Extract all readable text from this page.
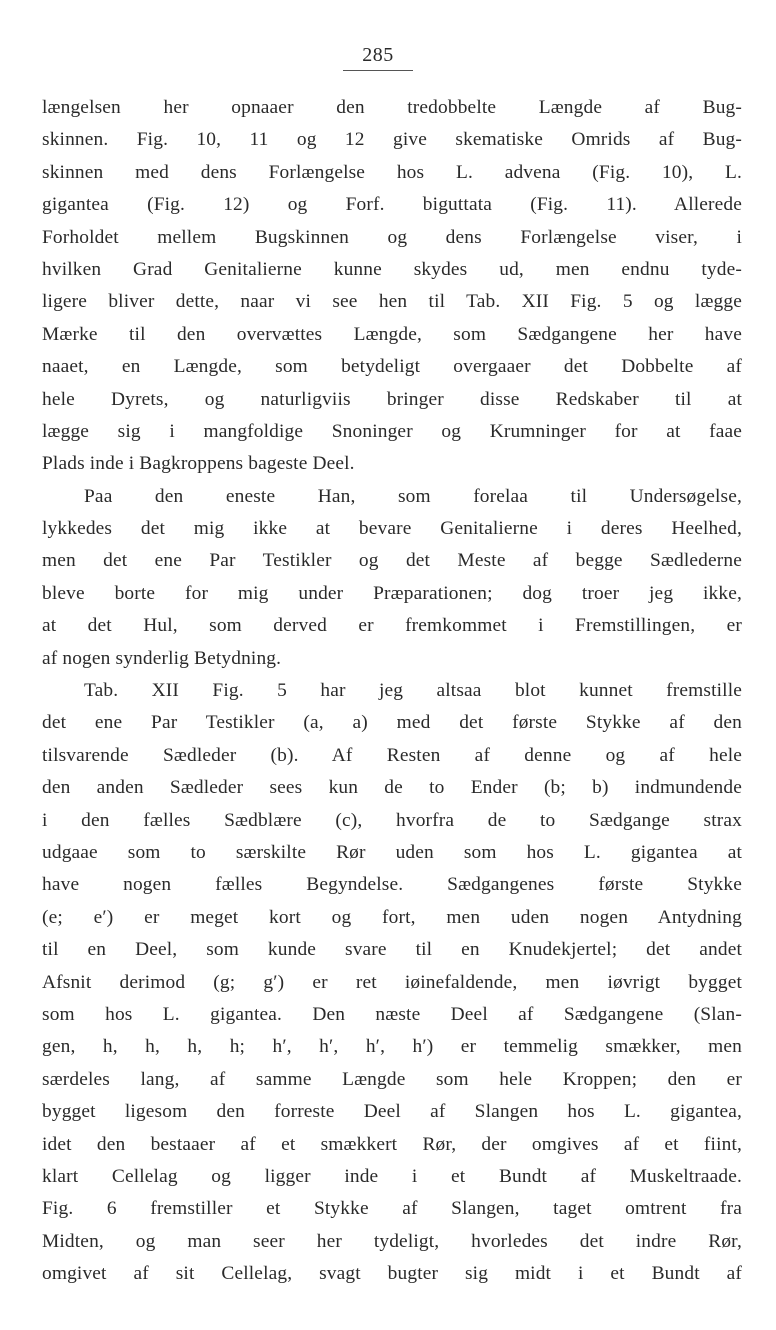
285
længelsen her opnaaer den tredobbelte Længde af Bug-
skinnen. Fig. 10, 11 og 12 give skematiske Omrids af Bug-
skinnen med dens Forlængelse hos L. advena (Fig. 10), L.
gigantea (Fig. 12) og Forf. biguttata (Fig. 11). Allerede
Forholdet mellem Bugskinnen og dens Forlængelse viser, i
hvilken Grad Genitalierne kunne skydes ud, men endnu tyde-
ligere bliver dette, naar vi see hen til Tab. XII Fig. 5 og lægge
Mærke til den overvættes Længde, som Sædgangene her have
naaet, en Længde, som betydeligt overgaaer det Dobbelte af
hele Dyrets, og naturligviis bringer disse Redskaber til at
lægge sig i mangfoldige Snoninger og Krumninger for at faae
Plads inde i Bagkroppens bageste Deel.
Paa den eneste Han, som forelaa til Undersøgelse,
lykkedes det mig ikke at bevare Genitalierne i deres Heelhed,
men det ene Par Testikler og det Meste af begge Sædlederne
bleve borte for mig under Præparationen; dog troer jeg ikke,
at det Hul, som derved er fremkommet i Fremstillingen, er
af nogen synderlig Betydning.
Tab. XII Fig. 5 har jeg altsaa blot kunnet fremstille
det ene Par Testikler (a, a) med det første Stykke af den
tilsvarende Sædleder (b). Af Resten af denne og af hele
den anden Sædleder sees kun de to Ender (b; b) indmundende
i den fælles Sædblære (c), hvorfra de to Sædgange strax
udgaae som to særskilte Rør uden som hos L. gigantea at
have nogen fælles Begyndelse. Sædgangenes første Stykke
(e; e′) er meget kort og fort, men uden nogen Antydning
til en Deel, som kunde svare til en Knudekjertel; det andet
Afsnit derimod (g; g′) er ret iøinefaldende, men iøvrigt bygget
som hos L. gigantea. Den næste Deel af Sædgangene (Slan-
gen, h, h, h, h; h′, h′, h′, h′) er temmelig smækker, men
særdeles lang, af samme Længde som hele Kroppen; den er
bygget ligesom den forreste Deel af Slangen hos L. gigantea,
idet den bestaaer af et smækkert Rør, der omgives af et fiint,
klart Cellelag og ligger inde i et Bundt af Muskeltraade.
Fig. 6 fremstiller et Stykke af Slangen, taget omtrent fra
Midten, og man seer her tydeligt, hvorledes det indre Rør,
omgivet af sit Cellelag, svagt bugter sig midt i et Bundt af
